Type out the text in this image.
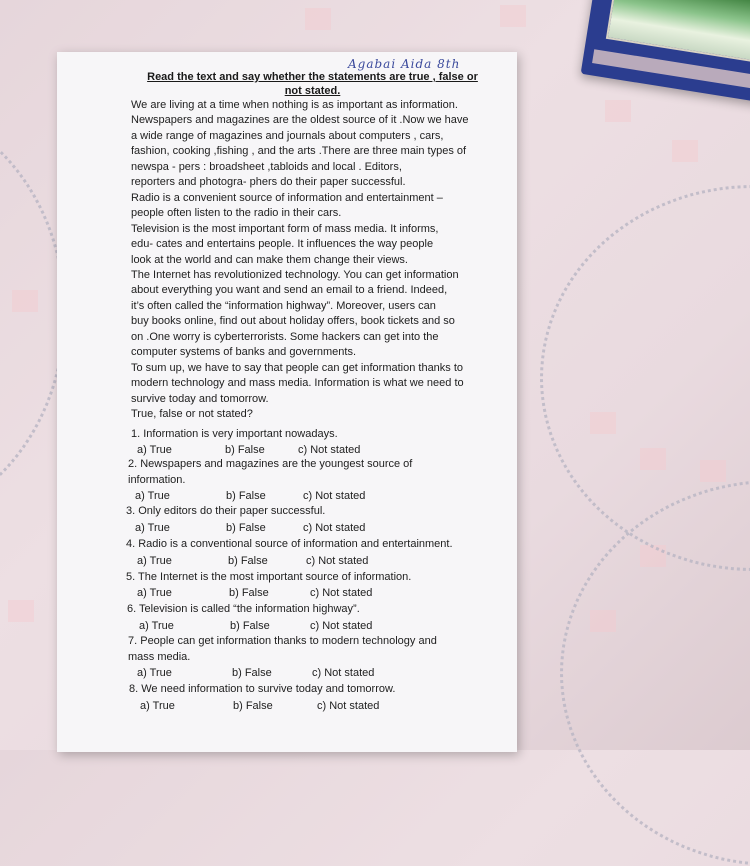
Agabai Aida 8th
Read the text and say whether the statements are true , false or not stated.
We are living at a time when nothing is as important as information.
Newspapers and magazines are the oldest source of it .Now we have
a wide range of magazines and journals about computers , cars,
fashion, cooking ,fishing , and the arts .There are three main types of
newspa - pers : broadsheet ,tabloids and local . Editors,
reporters and photogra- phers do their paper successful.
Radio is a convenient source of information and entertainment –
people often listen to the radio in their cars.
Television is the most important form of mass media. It informs,
edu- cates and entertains people. It influences the way people
look at the world and can make them change their views.
The Internet has revolutionized technology. You can get information
about everything you want and send an email to a friend. Indeed,
it’s often called the “information highway”. Moreover, users can
buy books online, find out about holiday offers, book tickets and so
on .One worry is cyberterrorists. Some hackers can get into the
computer systems of banks and governments.
To sum up, we have to say that people can get information thanks to
modern technology and mass media. Information is what we need to
survive today and tomorrow.
True, false or not stated?
1. Information is very important nowadays.
a) True	b) False	c) Not stated
2. Newspapers and magazines are the youngest source of
information.
a) True	b) False	c) Not stated
3. Only editors do their paper successful.
a) True	b) False	c) Not stated
4. Radio is a conventional source of information and entertainment.
a) True	b) False	c) Not stated
5. The Internet is the most important source of information.
a) True	b) False	c) Not stated
6. Television is called “the information highway”.
a) True	b) False	c) Not stated
7. People can get information thanks to modern technology and
mass media.
a) True	b) False	c) Not stated
8. We need information to survive today and tomorrow.
a) True	b) False	c) Not stated
